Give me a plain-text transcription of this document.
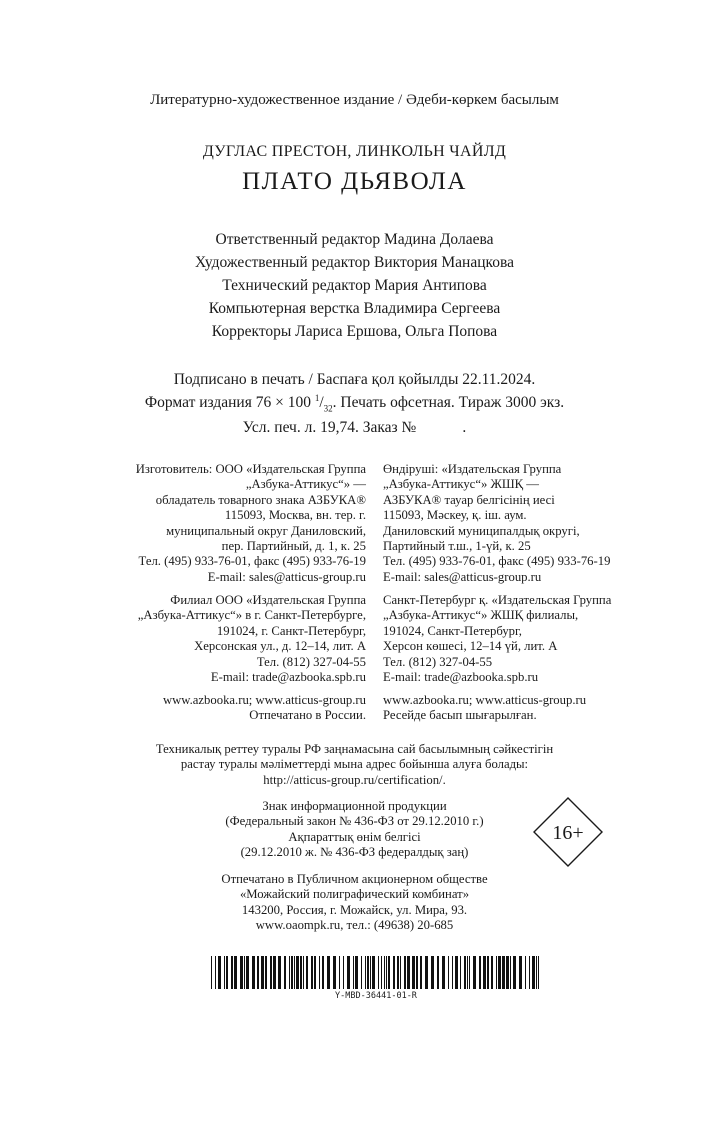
Литературно-художественное издание / Әдеби-көркем басылым
ДУГЛАС ПРЕСТОН, ЛИНКОЛЬН ЧАЙЛД
ПЛАТО ДЬЯВОЛА
Ответственный редактор Мадина Долаева
Художественный редактор Виктория Манацкова
Технический редактор Мария Антипова
Компьютерная верстка Владимира Сергеева
Корректоры Лариса Ершова, Ольга Попова
Подписано в печать / Баспаға қол қойылды 22.11.2024.
Формат издания 76 × 100 $^1/_{32}$. Печать офсетная. Тираж 3000 экз.
Усл. печ. л. 19,74. Заказ №	.
Изготовитель: ООО «Издательская Группа
„Азбука-Аттикус“» —
обладатель товарного знака АЗБУКА®
115093, Москва, вн. тер. г.
муниципальный округ Даниловский,
пер. Партийный, д. 1, к. 25
Тел. (495) 933-76-01, факс (495) 933-76-19
E-mail: sales@atticus-group.ru
Өндіруші: «Издательская Группа
„Азбука-Аттикус“» ЖШҚ —
АЗБУКА® тауар белгісінің иесі
115093, Мәскеу, қ. іш. аум.
Даниловский муниципалдық округі,
Партийный т.ш., 1-үй, к. 25
Тел. (495) 933-76-01, факс (495) 933-76-19
E-mail: sales@atticus-group.ru
Филиал ООО «Издательская Группа
„Азбука-Аттикус“» в г. Санкт-Петербурге,
191024, г. Санкт-Петербург,
Херсонская ул., д. 12–14, лит. А
Тел. (812) 327-04-55
E-mail: trade@azbooka.spb.ru
Санкт-Петербург қ. «Издательская Группа
„Азбука-Аттикус“» ЖШҚ филиалы,
191024, Санкт-Петербург,
Херсон көшесі, 12–14 үй, лит. А
Тел. (812) 327-04-55
E-mail: trade@azbooka.spb.ru
www.azbooka.ru; www.atticus-group.ru
Отпечатано в России.
www.azbooka.ru; www.atticus-group.ru
Ресейде басып шығарылған.
Техникалық реттеу туралы РФ заңнамасына сай басылымның сәйкестігін
растау туралы мәліметтерді мына адрес бойынша алуға болады:
http://atticus-group.ru/certification/.
Знак информационной продукции
(Федеральный закон № 436-ФЗ от 29.12.2010 г.)
Ақпараттық өнім белгісі
(29.12.2010 ж. № 436-ФЗ федералдық заң)
16+
Отпечатано в Публичном акционерном обществе
«Можайский полиграфический комбинат»
143200, Россия, г. Можайск, ул. Мира, 93.
www.oaompk.ru, тел.: (49638) 20-685
Y-MBD-36441-01-R
